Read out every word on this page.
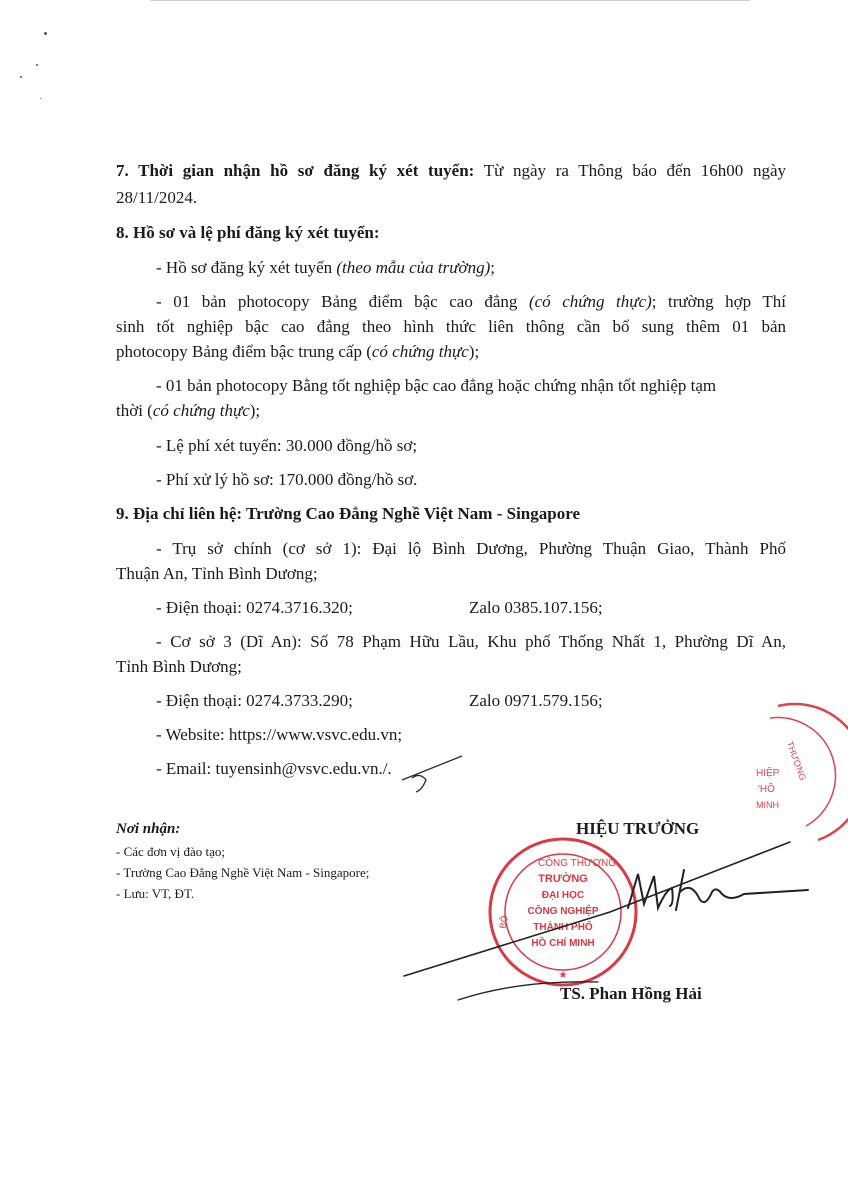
7. Thời gian nhận hồ sơ đăng ký xét tuyển: Từ ngày ra Thông báo đến 16h00 ngày
28/11/2024.
8. Hồ sơ và lệ phí đăng ký xét tuyển:
- Hồ sơ đăng ký xét tuyển (theo mẫu của trường);
- 01 bản photocopy Bảng điểm bậc cao đẳng (có chứng thực); trường hợp Thí
sinh tốt nghiệp bậc cao đẳng theo hình thức liên thông cần bổ sung thêm 01 bản
photocopy Bảng điểm bậc trung cấp (có chứng thực);
- 01 bản photocopy Bằng tốt nghiệp bậc cao đẳng hoặc chứng nhận tốt nghiệp tạm
thời (có chứng thực);
- Lệ phí xét tuyển: 30.000 đồng/hồ sơ;
- Phí xử lý hồ sơ: 170.000 đồng/hồ sơ.
9. Địa chỉ liên hệ: Trường Cao Đẳng Nghề Việt Nam - Singapore
- Trụ sở chính (cơ sở 1): Đại lộ Bình Dương, Phường Thuận Giao, Thành Phố
Thuận An, Tỉnh Bình Dương;
- Điện thoại: 0274.3716.320;	Zalo 0385.107.156;
- Cơ sở 3 (Dĩ An): Số 78 Phạm Hữu Lầu, Khu phố Thống Nhất 1, Phường Dĩ An,
Tỉnh Bình Dương;
- Điện thoại: 0274.3733.290;	Zalo 0971.579.156;
- Website: https://www.vsvc.edu.vn;
- Email: tuyensinh@vsvc.edu.vn./.
Nơi nhận:
- Các đơn vị đào tạo;
- Trường Cao Đẳng Nghề Việt Nam - Singapore;
- Lưu: VT, ĐT.
HIỆU TRƯỞNG
TS. Phan Hồng Hải
THƯƠNG
HIỆP
'HỒ
MINH
CÔNG THƯƠNG
BỘ
TRƯỜNG
ĐẠI HỌC
CÔNG NGHIỆP
THÀNH PHỐ
HỒ CHÍ MINH
★
